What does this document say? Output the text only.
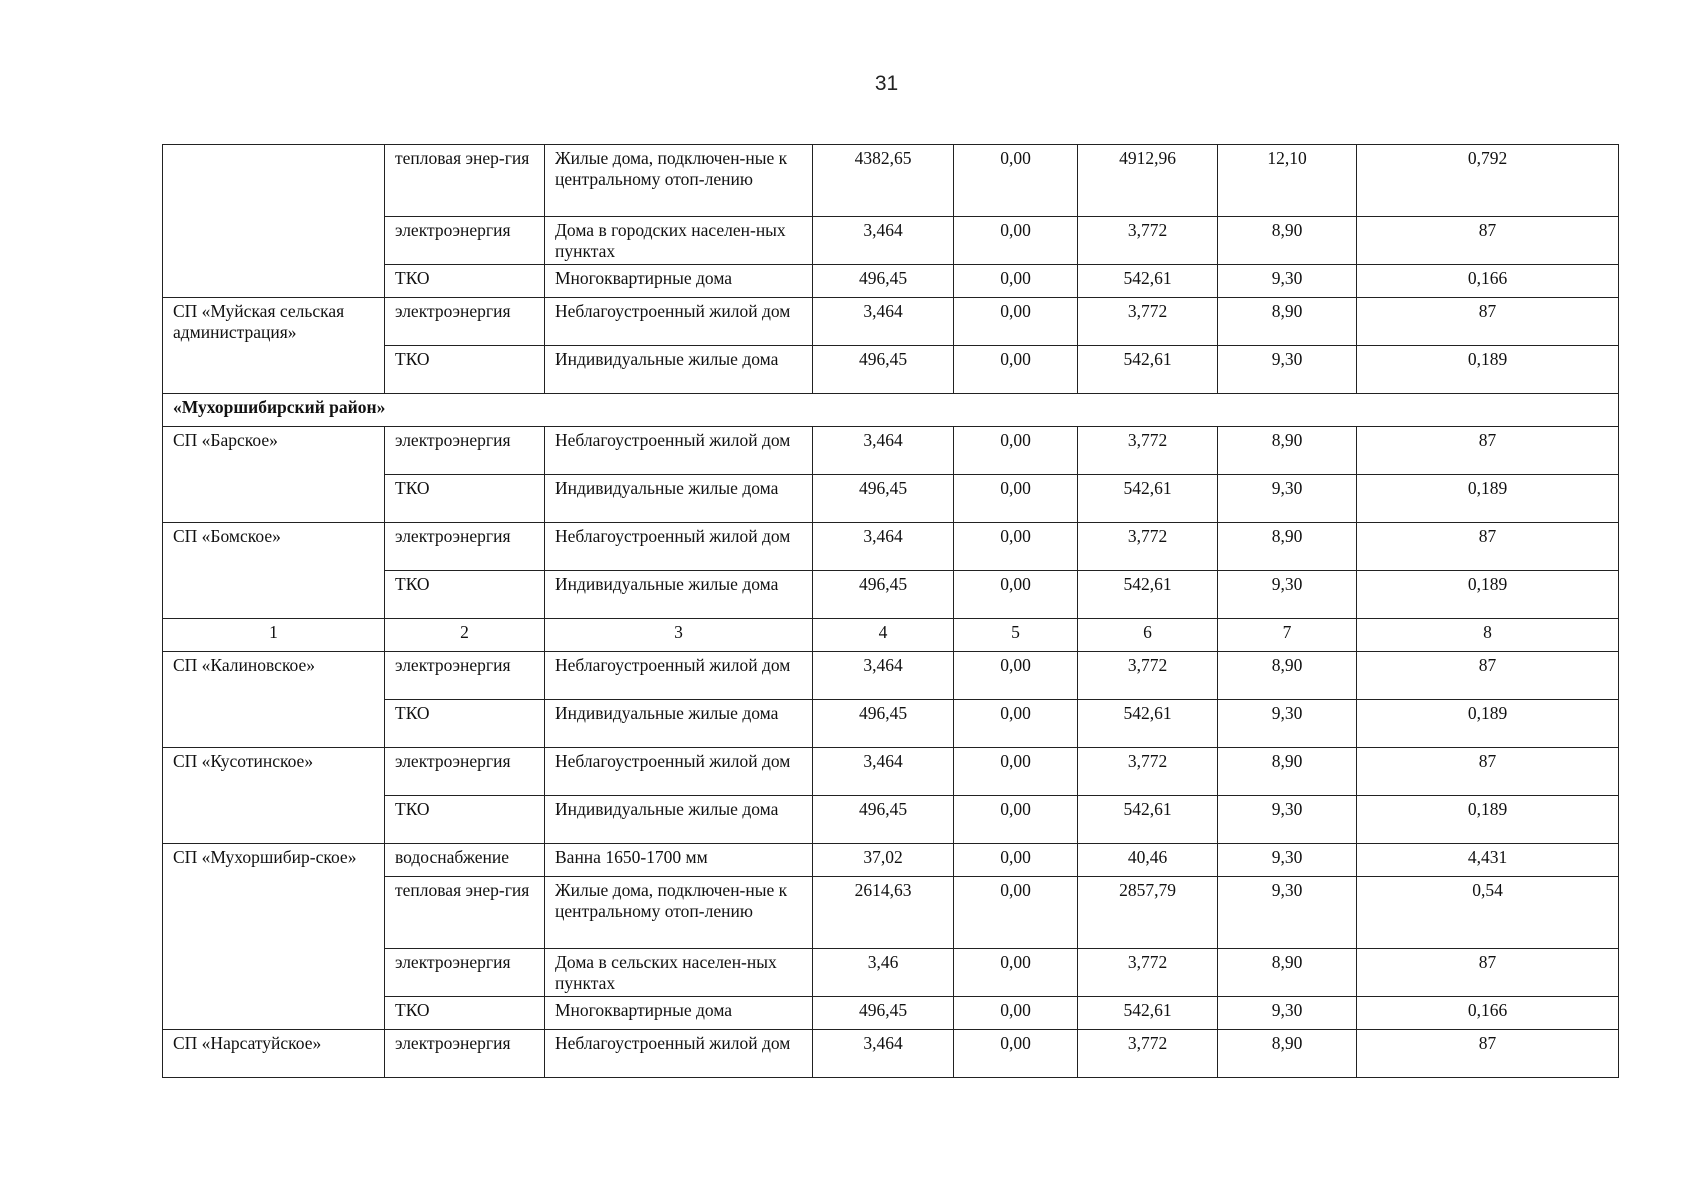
31
	тепловая энер-гия	Жилые дома, подключен-ные к центральному отоп-лению	4382,65	0,00	4912,96	12,10	0,792
	электроэнергия	Дома в городских населен-ных пунктах	3,464	0,00	3,772	8,90	87
	ТКО	Многоквартирные дома	496,45	0,00	542,61	9,30	0,166
СП «Муйская сельская администрация»	электроэнергия	Неблагоустроенный жилой дом	3,464	0,00	3,772	8,90	87
	ТКО	Индивидуальные жилые дома	496,45	0,00	542,61	9,30	0,189
«Мухоршибирский район»							
СП «Барское»	электроэнергия	Неблагоустроенный жилой дом	3,464	0,00	3,772	8,90	87
	ТКО	Индивидуальные жилые дома	496,45	0,00	542,61	9,30	0,189
СП «Бомское»	электроэнергия	Неблагоустроенный жилой дом	3,464	0,00	3,772	8,90	87
	ТКО	Индивидуальные жилые дома	496,45	0,00	542,61	9,30	0,189
1	2	3	4	5	6	7	8
СП «Калиновское»	электроэнергия	Неблагоустроенный жилой дом	3,464	0,00	3,772	8,90	87
	ТКО	Индивидуальные жилые дома	496,45	0,00	542,61	9,30	0,189
СП «Кусотинское»	электроэнергия	Неблагоустроенный жилой дом	3,464	0,00	3,772	8,90	87
	ТКО	Индивидуальные жилые дома	496,45	0,00	542,61	9,30	0,189
СП «Мухоршибир-ское»	водоснабжение	Ванна 1650-1700 мм	37,02	0,00	40,46	9,30	4,431
	тепловая энер-гия	Жилые дома, подключен-ные к центральному отоп-лению	2614,63	0,00	2857,79	9,30	0,54
	электроэнергия	Дома в сельских населен-ных пунктах	3,46	0,00	3,772	8,90	87
	ТКО	Многоквартирные дома	496,45	0,00	542,61	9,30	0,166
СП «Нарсатуйское»	электроэнергия	Неблагоустроенный жилой дом	3,464	0,00	3,772	8,90	87
